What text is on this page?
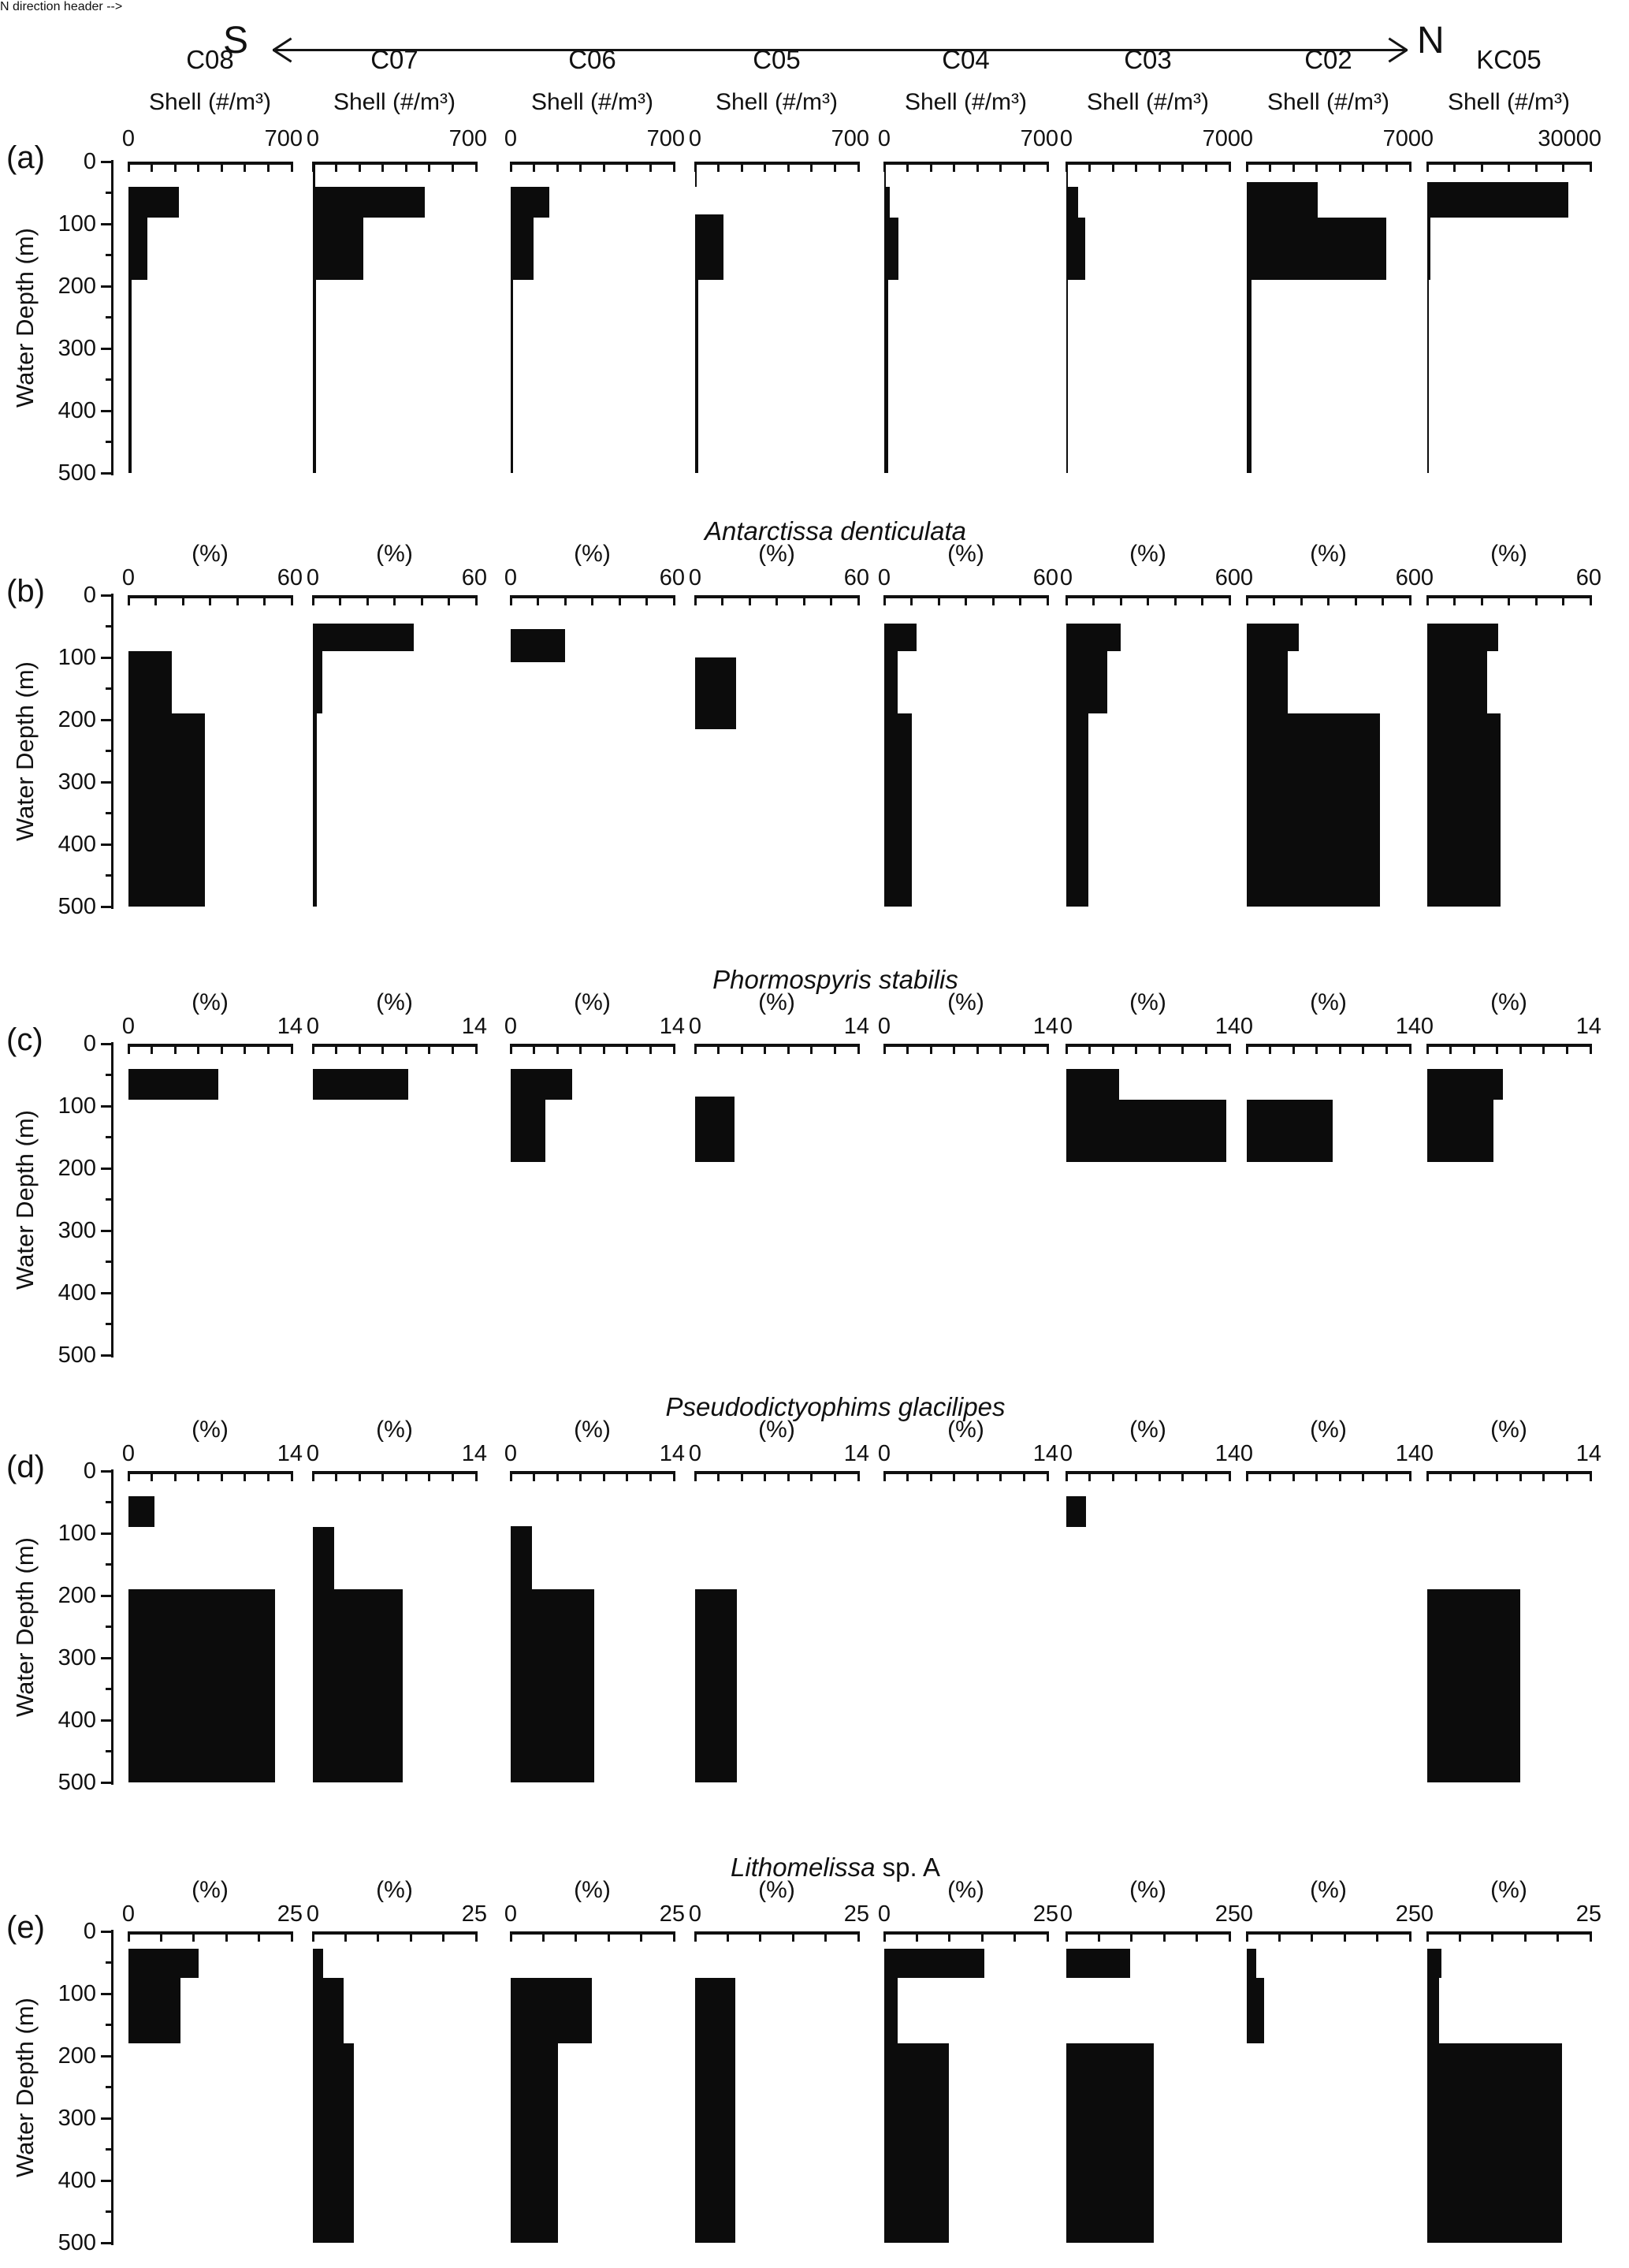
N direction header -->
S	N
C08	C07	C06	C05	C04	C03	C02	KC05
(a)
Water Depth (m)
0
100
200
300
400
500
Shell (#/m³)
0	700
Shell (#/m³)
0	700
Shell (#/m³)
0	700
Shell (#/m³)
0	700
Shell (#/m³)
0	700
Shell (#/m³)
0	700
Shell (#/m³)
0	700
Shell (#/m³)
0	30000
(b)
Antarctissa denticulata
Water Depth (m)
0
100
200
300
400
500
(%)
0	60
(%)
0	60
(%)
0	60
(%)
0	60
(%)
0	60
(%)
0	60
(%)
0	60
(%)
0	60
(c)
Phormospyris stabilis
Water Depth (m)
0
100
200
300
400
500
(%)
0	14
(%)
0	14
(%)
0	14
(%)
0	14
(%)
0	14
(%)
0	14
(%)
0	14
(%)
0	14
(d)
Pseudodictyophims glacilipes
Water Depth (m)
0
100
200
300
400
500
(%)
0	14
(%)
0	14
(%)
0	14
(%)
0	14
(%)
0	14
(%)
0	14
(%)
0	14
(%)
0	14
(e)
Lithomelissa sp. A
Water Depth (m)
0
100
200
300
400
500
(%)
0	25
(%)
0	25
(%)
0	25
(%)
0	25
(%)
0	25
(%)
0	25
(%)
0	25
(%)
0	25
